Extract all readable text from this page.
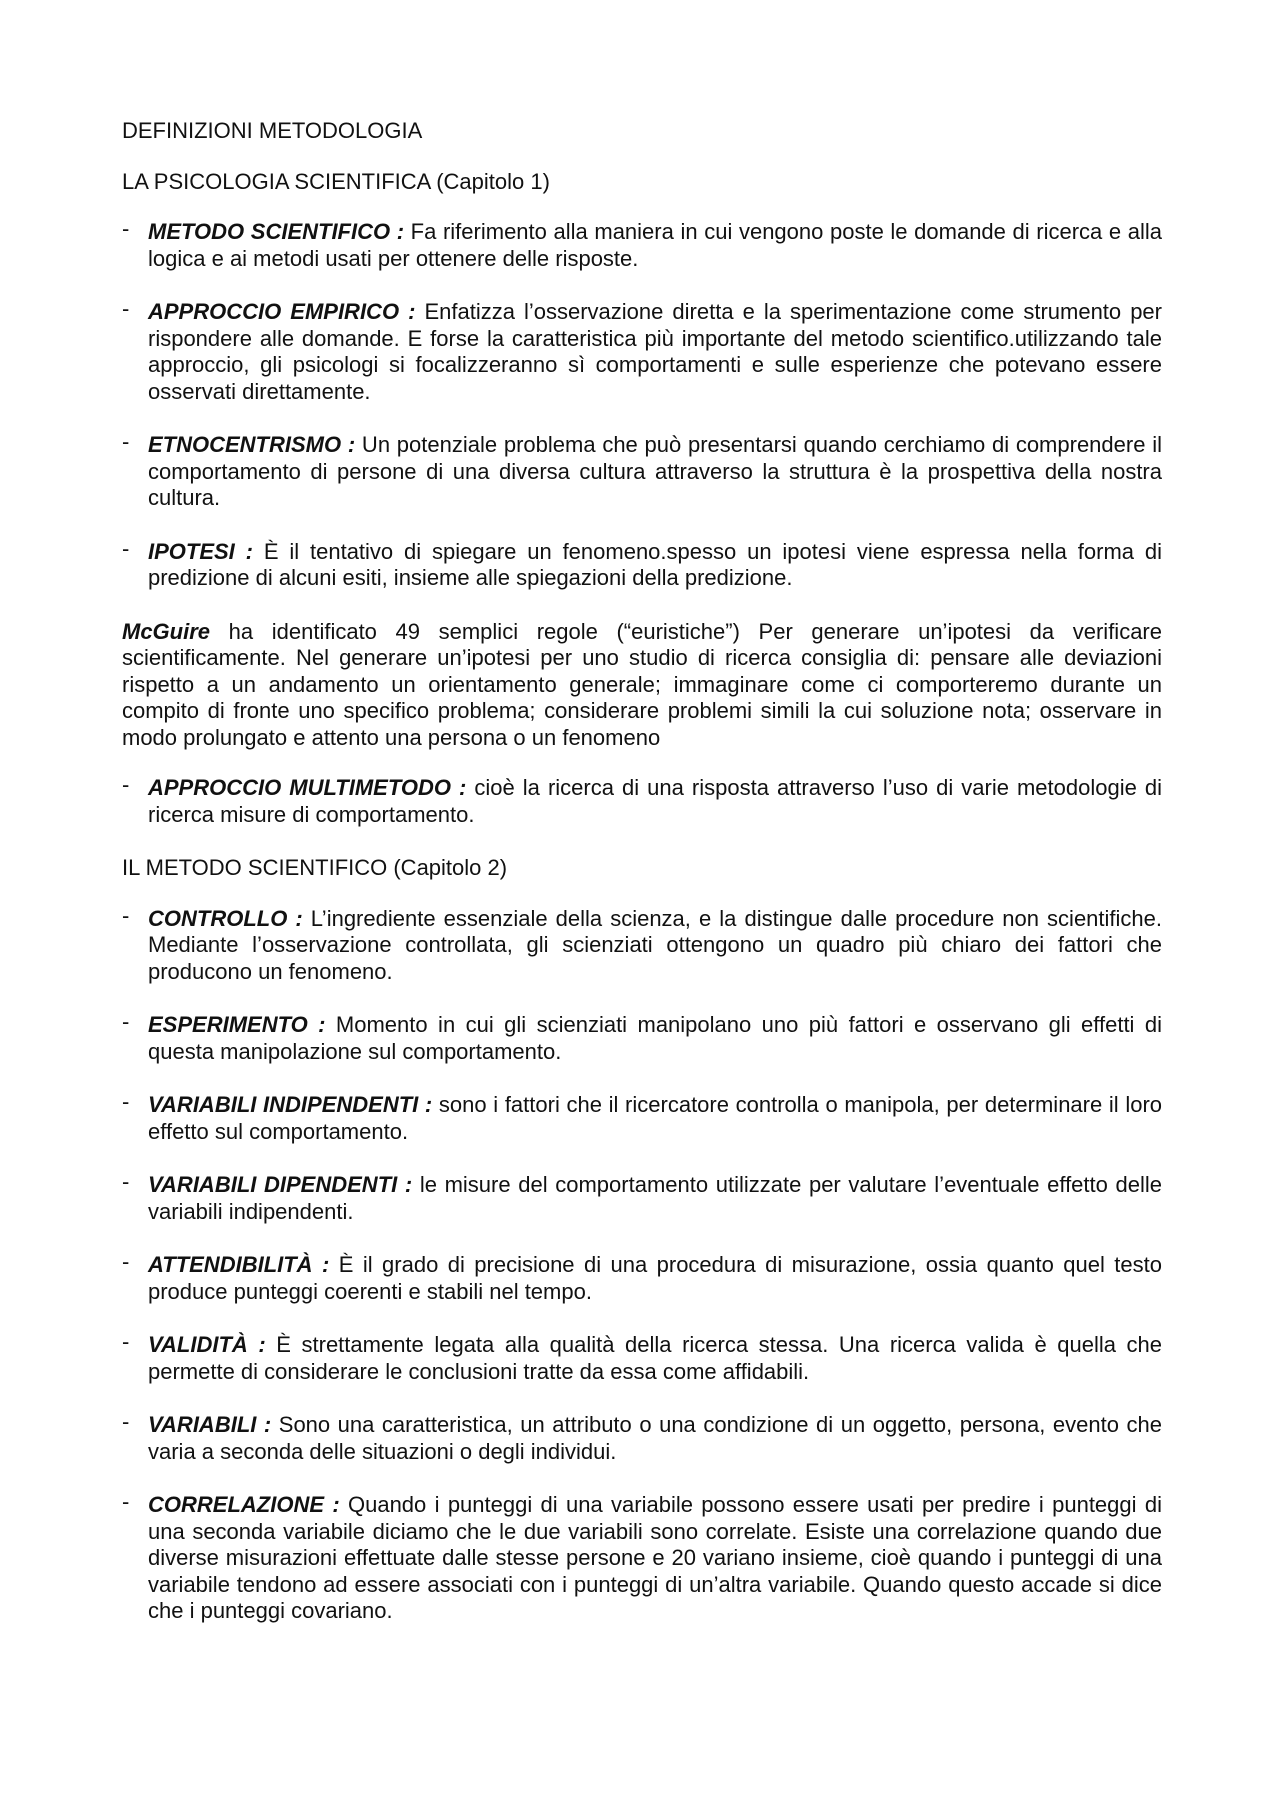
DEFINIZIONI METODOLOGIA
LA PSICOLOGIA SCIENTIFICA (Capitolo 1)
- METODO SCIENTIFICO : Fa riferimento alla maniera in cui vengono poste le domande di ricerca e alla logica e ai metodi usati per ottenere delle risposte.
- APPROCCIO EMPIRICO : Enfatizza l’osservazione diretta e la sperimentazione come strumento per rispondere alle domande. E forse la caratteristica più importante del metodo scientifico.utilizzando tale approccio, gli psicologi si focalizzeranno sì comportamenti e sulle esperienze che potevano essere osservati direttamente.
- ETNOCENTRISMO : Un potenziale problema che può presentarsi quando cerchiamo di comprendere il comportamento di persone di una diversa cultura attraverso la struttura è la prospettiva della nostra cultura.
- IPOTESI : È il tentativo di spiegare un fenomeno.spesso un ipotesi viene espressa nella forma di predizione di alcuni esiti, insieme alle spiegazioni della predizione.
McGuire ha identificato 49 semplici regole (“euristiche”) Per generare un’ipotesi da verificare scientificamente. Nel generare un’ipotesi per uno studio di ricerca consiglia di: pensare alle deviazioni rispetto a un andamento un orientamento generale; immaginare come ci comporteremo durante un compito di fronte uno specifico problema; considerare problemi simili la cui soluzione nota; osservare in modo prolungato e attento una persona o un fenomeno
- APPROCCIO MULTIMETODO : cioè la ricerca di una risposta attraverso l’uso di varie metodologie di ricerca misure di comportamento.
IL METODO SCIENTIFICO (Capitolo 2)
- CONTROLLO : L’ingrediente essenziale della scienza, e la distingue dalle procedure non scientifiche. Mediante l’osservazione controllata, gli scienziati ottengono un quadro più chiaro dei fattori che producono un fenomeno.
- ESPERIMENTO : Momento in cui gli scienziati manipolano uno più fattori e osservano gli effetti di questa manipolazione sul comportamento.
- VARIABILI INDIPENDENTI : sono i fattori che il ricercatore controlla o manipola, per determinare il loro effetto sul comportamento.
- VARIABILI DIPENDENTI : le misure del comportamento utilizzate per valutare l’eventuale effetto delle variabili indipendenti.
- ATTENDIBILITÀ : È il grado di precisione di una procedura di misurazione, ossia quanto quel testo produce punteggi coerenti e stabili nel tempo.
- VALIDITÀ : È strettamente legata alla qualità della ricerca stessa. Una ricerca valida è quella che permette di considerare le conclusioni tratte da essa come affidabili.
- VARIABILI : Sono una caratteristica, un attributo o una condizione di un oggetto, persona, evento che varia a seconda delle situazioni o degli individui.
- CORRELAZIONE : Quando i punteggi di una variabile possono essere usati per predire i punteggi di una seconda variabile diciamo che le due variabili sono correlate. Esiste una correlazione quando due diverse misurazioni effettuate dalle stesse persone e 20 variano insieme, cioè quando i punteggi di una variabile tendono ad essere associati con i punteggi di un’altra variabile. Quando questo accade si dice che i punteggi covariano.
